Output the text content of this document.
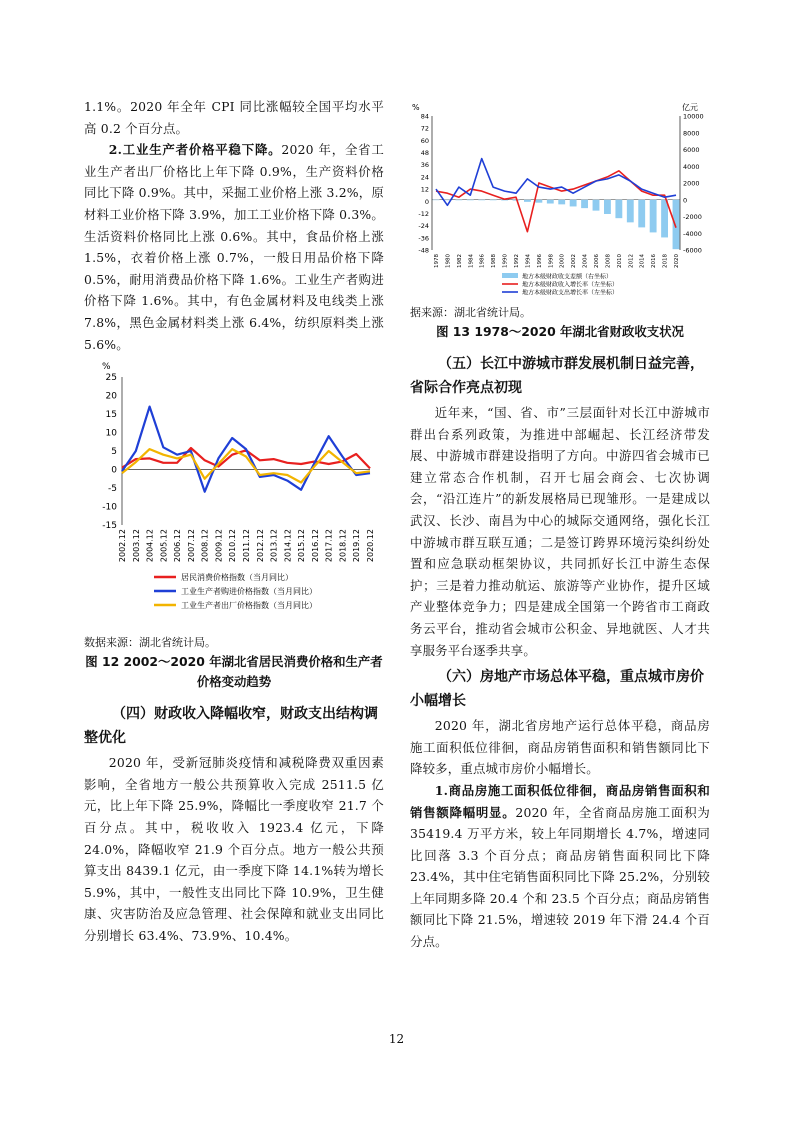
1.1%。2020 年全年 CPI 同比涨幅较全国平均水平高 0.2 个百分点。

2.工业生产者价格平稳下降。2020 年，全省工业生产者出厂价格比上年下降 0.9%，生产资料价格同比下降 0.9%。其中，采掘工业价格上涨 3.2%，原材料工业价格下降 3.9%，加工工业价格下降 0.3%。生活资料价格同比上涨 0.6%。其中，食品价格上涨 1.5%，衣着价格上涨 0.7%，一般日用品价格下降 0.5%，耐用消费品价格下降 1.6%。工业生产者购进价格下降 1.6%。其中，有色金属材料及电线类上涨 7.8%，黑色金属材料类上涨 6.4%，纺织原料类上涨 5.6%。

%
25
20
15
10
5
0
-5
-10
-15
2002.12 2003.12 2004.12 2005.12 2006.12 2007.12 2008.12 2009.12 2010.12 2011.12 2012.12 2013.12 2014.12 2015.12 2016.12 2017.12 2018.12 2019.12 2020.12
居民消费价格指数（当月同比）
工业生产者购进价格指数（当月同比）
工业生产者出厂价格指数（当月同比）
数据来源：湖北省统计局。
图 12 2002～2020 年湖北省居民消费价格和生产者价格变动趋势
（四）财政收入降幅收窄，财政支出结构调整优化

2020 年，受新冠肺炎疫情和减税降费双重因素影响，全省地方一般公共预算收入完成 2511.5 亿元，比上年下降 25.9%，降幅比一季度收窄 21.7 个百分点。其中，税收收入 1923.4 亿元，下降 24.0%，降幅收窄 21.9 个百分点。地方一般公共预算支出 8439.1 亿元，由一季度下降 14.1%转为增长 5.9%，其中，一般性支出同比下降 10.9%，卫生健康、灾害防治及应急管理、社会保障和就业支出同比分别增长 63.4%、73.9%、10.4%。

%	亿元
84
72
60
48
36
24
12
0
-12
-24
-36
-48
10000
8000
6000
4000
2000
0
-2000
-4000
-6000
1978 1980 1982 1984 1986 1988 1990 1992 1994 1996 1998 2000 2002 2004 2006 2008 2010 2012 2014 2016 2018 2020
地方本级财政收支差额（右坐标）
地方本级财政收入增长率（左坐标）
地方本级财政支出增长率（左坐标）
据来源：湖北省统计局。
图 13 1978～2020 年湖北省财政收支状况
（五）长江中游城市群发展机制日益完善，省际合作亮点初现

近年来，“国、省、市”三层面针对长江中游城市群出台系列政策，为推进中部崛起、长江经济带发展、中游城市群建设指明了方向。中游四省会城市已建立常态合作机制，召开七届会商会、七次协调会，“沿江连片”的新发展格局已现雏形。一是建成以武汉、长沙、南昌为中心的城际交通网络，强化长江中游城市群互联互通；二是签订跨界环境污染纠纷处置和应急联动框架协议，共同抓好长江中游生态保护；三是着力推动航运、旅游等产业协作，提升区域产业整体竞争力；四是建成全国第一个跨省市工商政务云平台，推动省会城市公积金、异地就医、人才共享服务平台逐季共享。

（六）房地产市场总体平稳，重点城市房价小幅增长

2020 年，湖北省房地产运行总体平稳，商品房施工面积低位徘徊，商品房销售面积和销售额同比下降较多，重点城市房价小幅增长。

1.商品房施工面积低位徘徊，商品房销售面积和销售额降幅明显。2020 年，全省商品房施工面积为 35419.4 万平方米，较上年同期增长 4.7%，增速同比回落 3.3 个百分点；商品房销售面积同比下降 23.4%，其中住宅销售面积同比下降 25.2%，分别较上年同期多降 20.4 个和 23.5 个百分点；商品房销售额同比下降 21.5%，增速较 2019 年下滑 24.4 个百分点。

12
